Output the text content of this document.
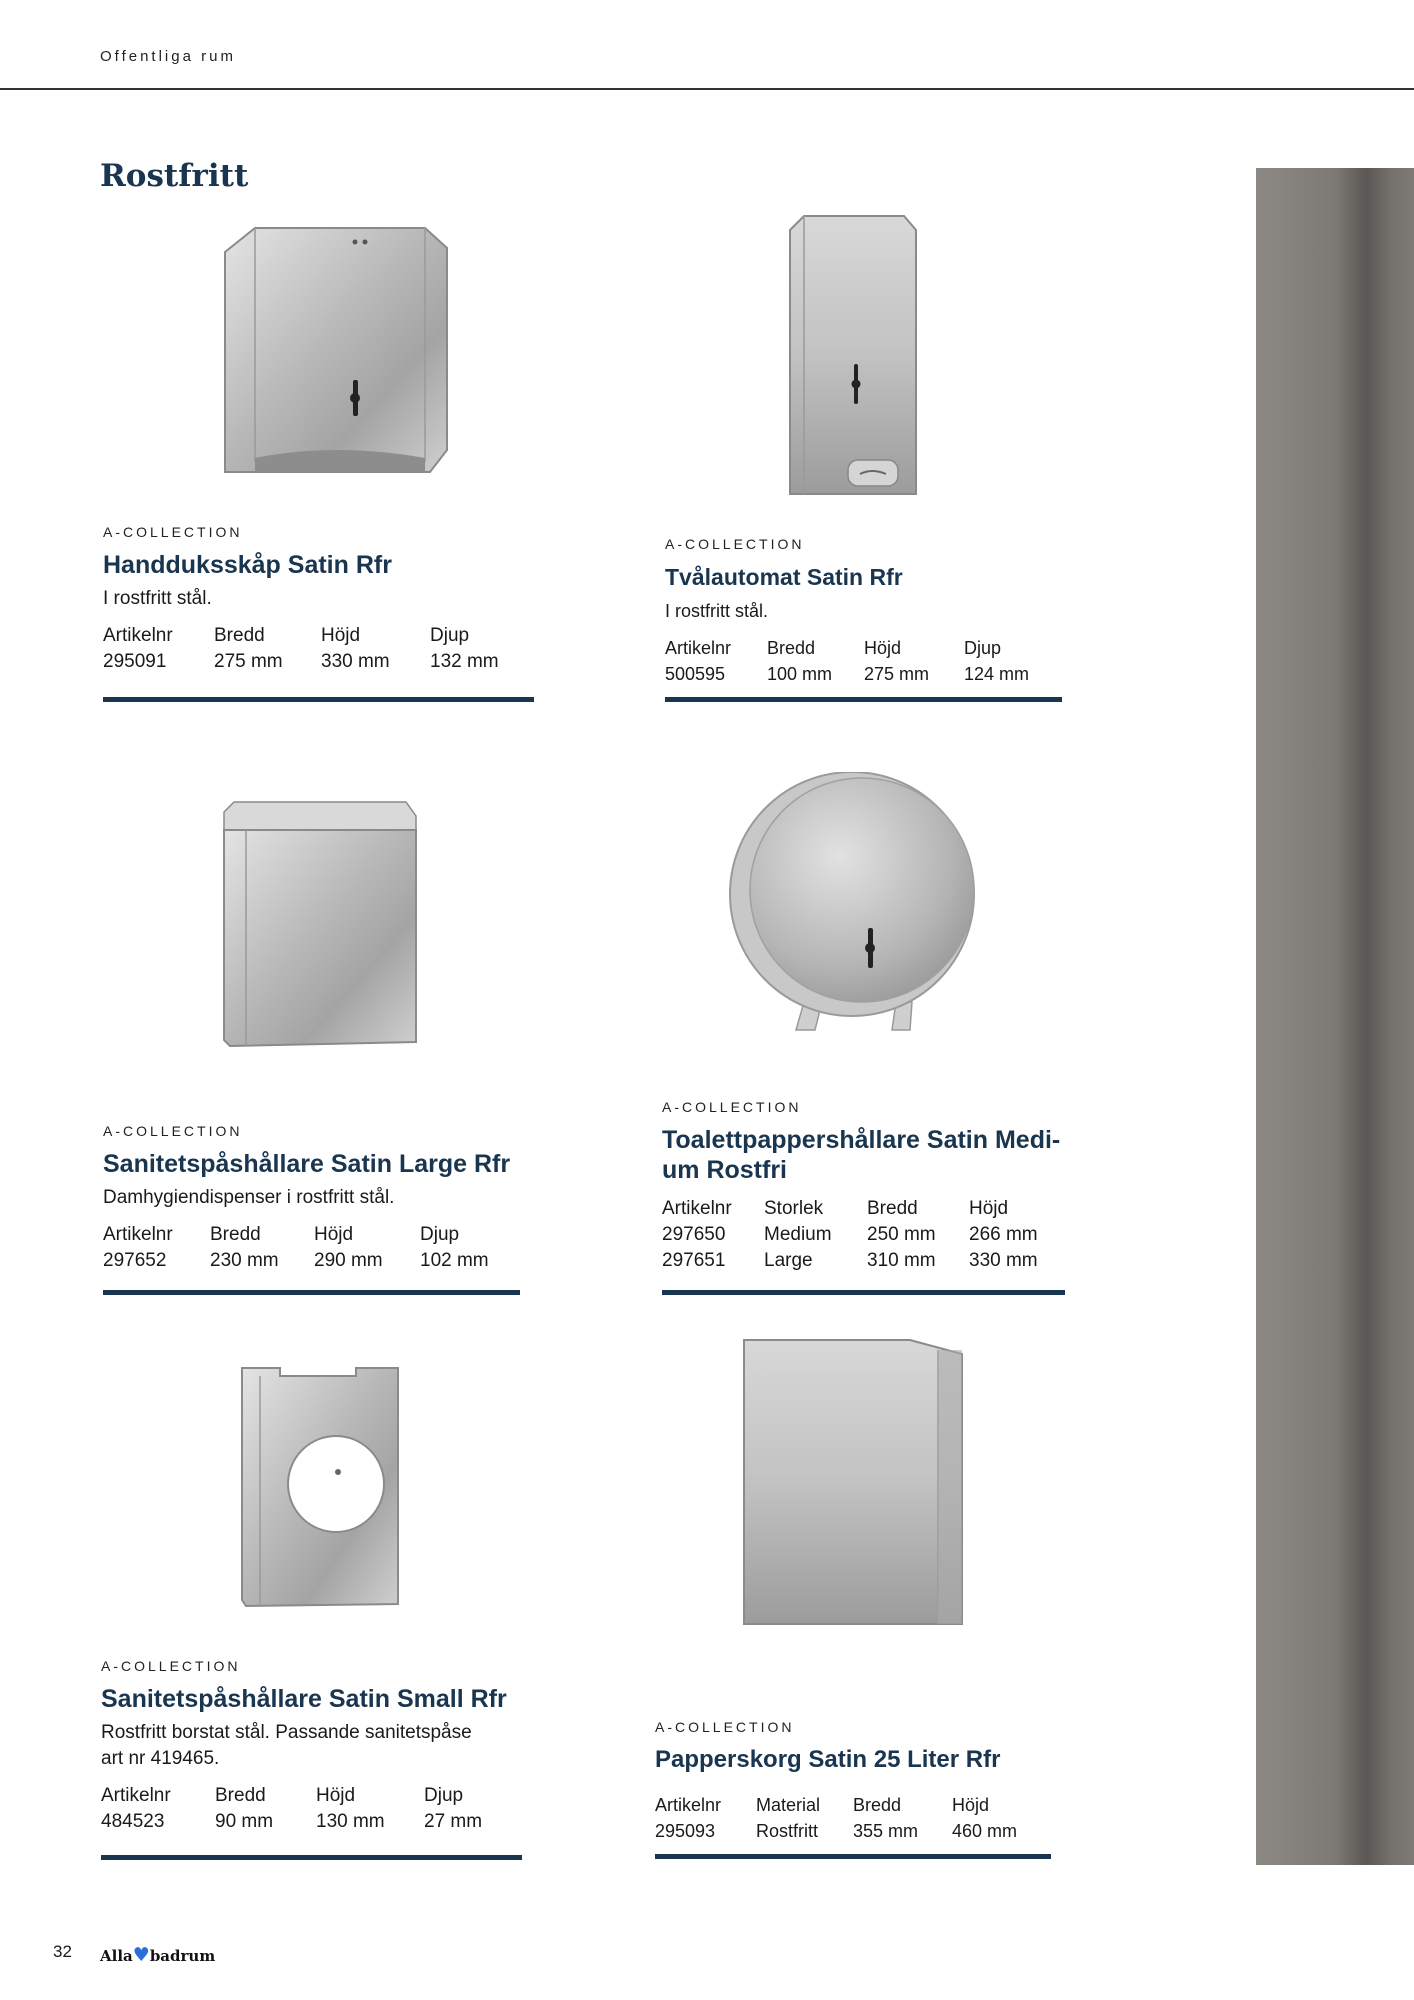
Offentliga rum
Rostfritt
A-COLLECTION
Handduksskåp Satin Rfr
I rostfritt stål.
Artikelnr	Bredd	Höjd	Djup
295091	275 mm	330 mm	132 mm
A-COLLECTION
Tvålautomat Satin Rfr
I rostfritt stål.
Artikelnr	Bredd	Höjd	Djup
500595	100 mm	275 mm	124 mm
A-COLLECTION
Sanitetspåshållare Satin Large Rfr
Damhygiendispenser i rostfritt stål.
Artikelnr	Bredd	Höjd	Djup
297652	230 mm	290 mm	102 mm
A-COLLECTION
Toalettpappershållare Satin Medi-
um Rostfri
Artikelnr	Storlek	Bredd	Höjd
297650	Medium	250 mm	266 mm
297651	Large	310 mm	330 mm
A-COLLECTION
Sanitetspåshållare Satin Small Rfr
Rostfritt borstat stål. Passande sanitetspåse
art nr 419465.
Artikelnr	Bredd	Höjd	Djup
484523	90 mm	130 mm	27 mm
A-COLLECTION
Papperskorg Satin 25 Liter Rfr
Artikelnr	Material	Bredd	Höjd
295093	Rostfritt	355 mm	460 mm
32 Alla♥badrum
